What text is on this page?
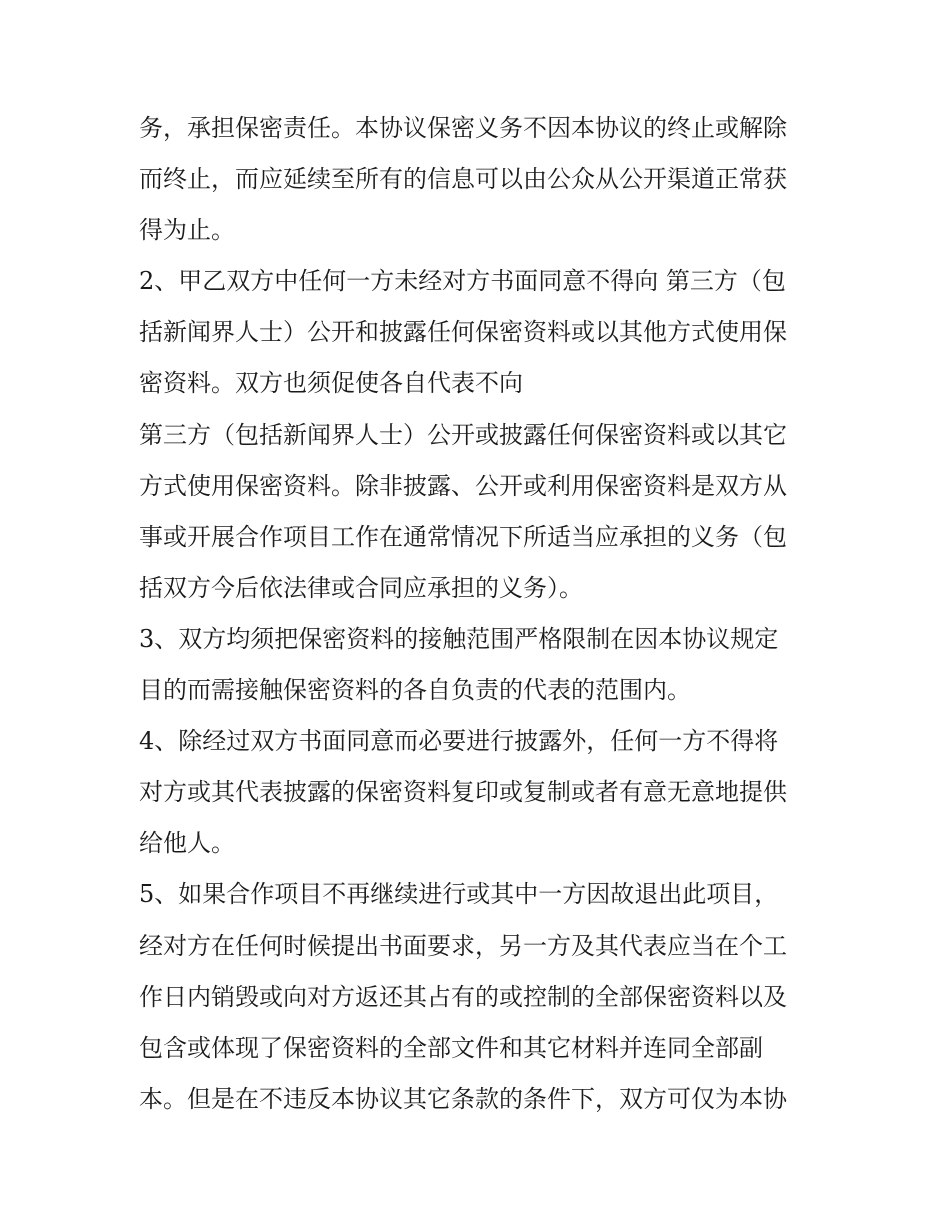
务，承担保密责任。本协议保密义务不因本协议的终止或解除
而终止，而应延续至所有的信息可以由公众从公开渠道正常获
得为止。
2、甲乙双方中任何一方未经对方书面同意不得向 第三方（包
括新闻界人士）公开和披露任何保密资料或以其他方式使用保
密资料。双方也须促使各自代表不向
第三方（包括新闻界人士）公开或披露任何保密资料或以其它
方式使用保密资料。除非披露、公开或利用保密资料是双方从
事或开展合作项目工作在通常情况下所适当应承担的义务（包
括双方今后依法律或合同应承担的义务）。
3、双方均须把保密资料的接触范围严格限制在因本协议规定
目的而需接触保密资料的各自负责的代表的范围内。
4、除经过双方书面同意而必要进行披露外，任何一方不得将
对方或其代表披露的保密资料复印或复制或者有意无意地提供
给他人。
5、如果合作项目不再继续进行或其中一方因故退出此项目，
经对方在任何时候提出书面要求，另一方及其代表应当在个工
作日内销毁或向对方返还其占有的或控制的全部保密资料以及
包含或体现了保密资料的全部文件和其它材料并连同全部副
本。但是在不违反本协议其它条款的条件下，双方可仅为本协
